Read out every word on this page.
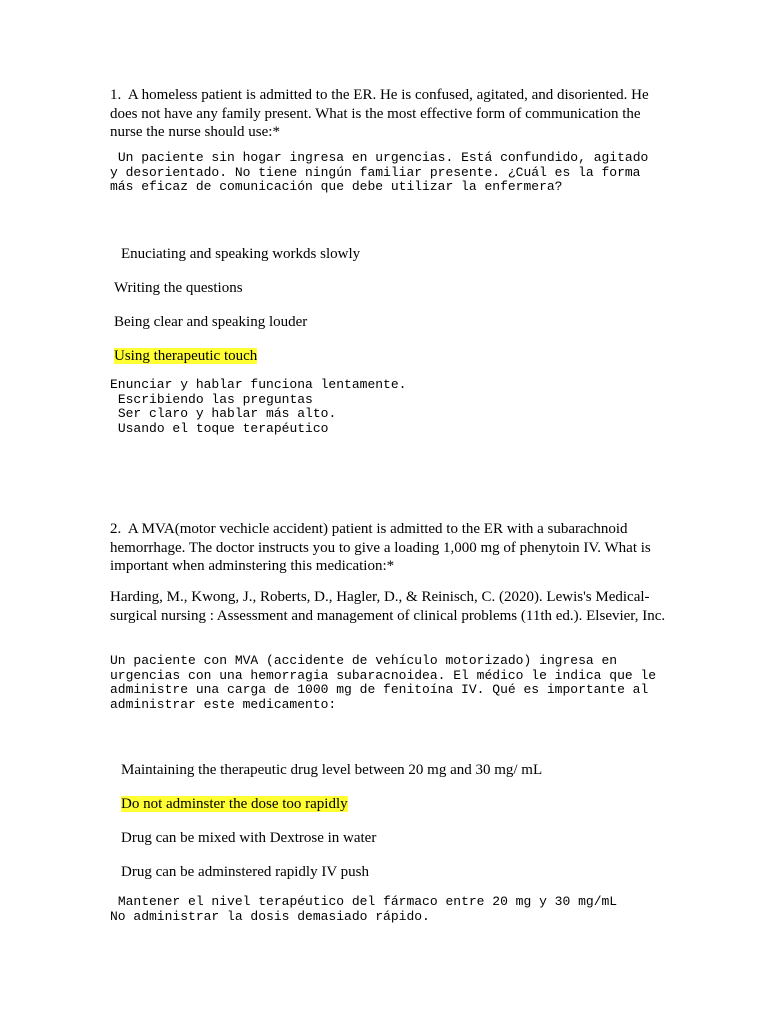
1.  A homeless patient is admitted to the ER. He is confused, agitated, and disoriented. He does not have any family present. What is the most effective form of communication the nurse the nurse should use:*

Un paciente sin hogar ingresa en urgencias. Está confundido, agitado
y desorientado. No tiene ningún familiar presente. ¿Cuál es la forma
más eficaz de comunicación que debe utilizar la enfermera?

Enuciating and speaking workds slowly

Writing the questions

Being clear and speaking louder

Using therapeutic touch

Enunciar y hablar funciona lentamente.
Escribiendo las preguntas
Ser claro y hablar más alto.
Usando el toque terapéutico

2.  A MVA(motor vechicle accident) patient is admitted to the ER with a subarachnoid hemorrhage. The doctor instructs you to give a loading 1,000 mg of phenytoin IV. What is important when adminstering this medication:*

Harding, M., Kwong, J., Roberts, D., Hagler, D., & Reinisch, C. (2020). Lewis's Medical-surgical nursing : Assessment and management of clinical problems (11th ed.). Elsevier, Inc.

Un paciente con MVA (accidente de vehículo motorizado) ingresa en
urgencias con una hemorragia subaracnoidea. El médico le indica que le
administre una carga de 1000 mg de fenitoína IV. Qué es importante al
administrar este medicamento:

Maintaining the therapeutic drug level between 20 mg and 30 mg/ mL

Do not adminster the dose too rapidly

Drug can be mixed with Dextrose in water

Drug can be adminstered rapidly IV push

Mantener el nivel terapéutico del fármaco entre 20 mg y 30 mg/mL
No administrar la dosis demasiado rápido.
